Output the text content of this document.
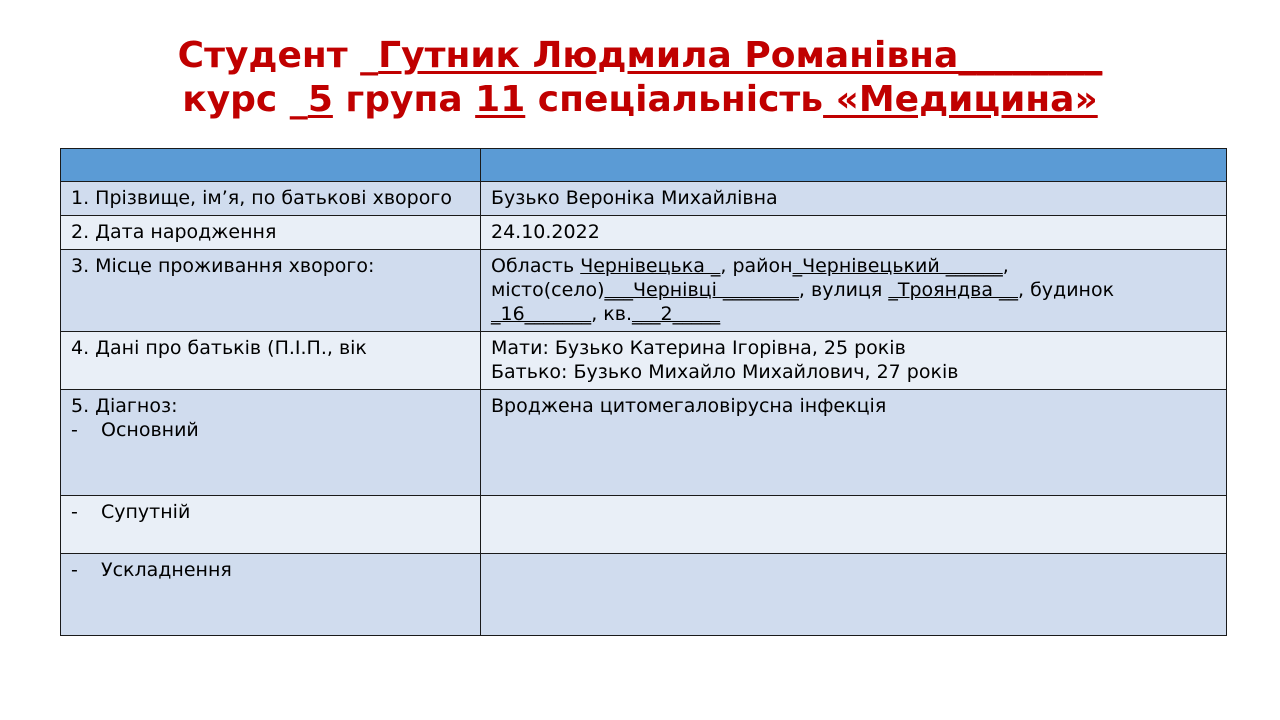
Студент _Гутник Людмила Романівна________
курс _5 група 11 спеціальність «Медицина»

1. Прізвище, ім’я, по батькові хворого	Бузько Вероніка Михайлівна
2. Дата народження	24.10.2022
3. Місце проживання хворого:	Область Чернівецька _, район_Чернівецький ______,
місто(село)___Чернівці ________, вулиця _Трояндва __, будинок
_16_______, кв.___2_____

4. Дані про батьків (П.І.П., вік	Мати: Бузько Катерина Ігорівна, 25 років
Батько: Бузько Михайло Михайлович, 27 років

5. Діагноз:
- Основний	Вроджена цитомегаловірусна інфекція

- Супутній	

- Ускладнення	
